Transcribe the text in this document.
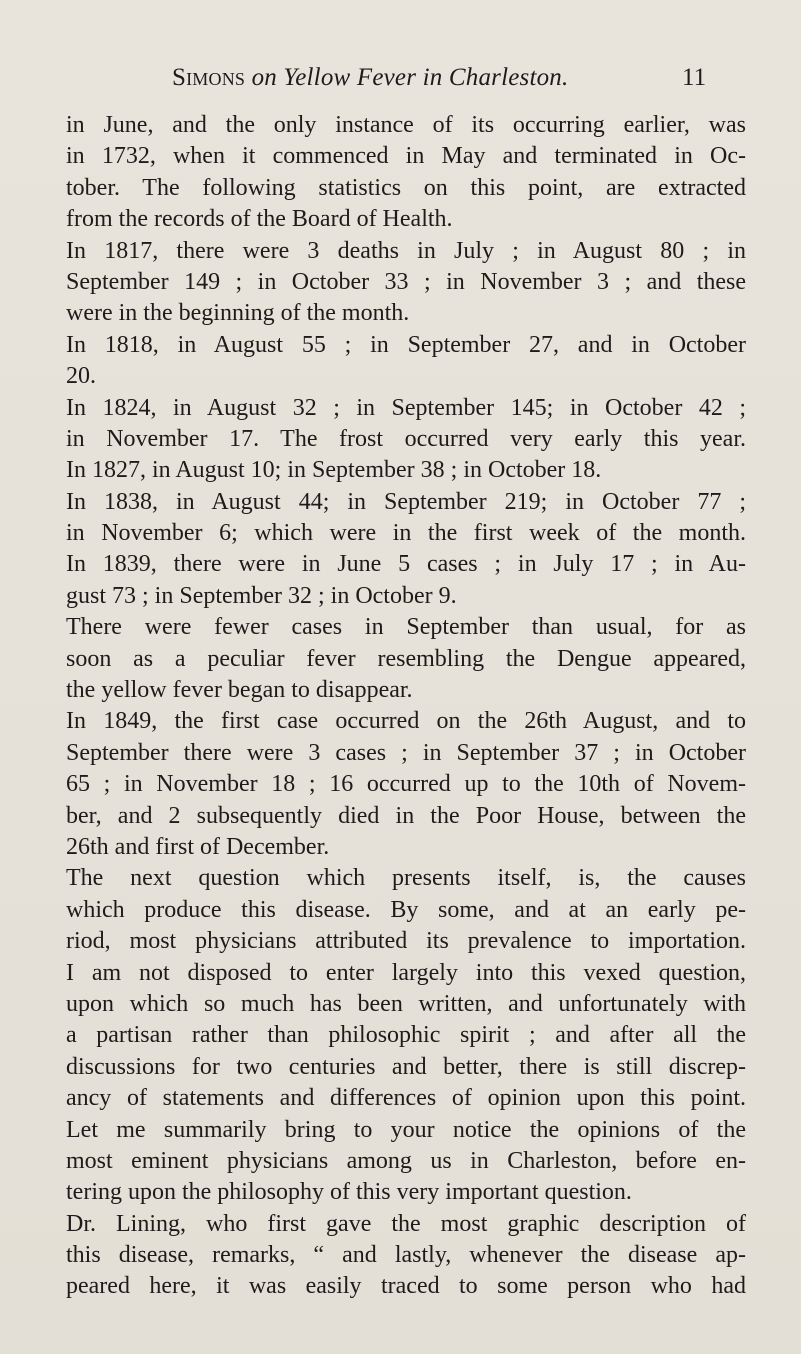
Simons on Yellow Fever in Charleston.	11
in June, and the only instance of its occurring earlier, was
in 1732, when it commenced in May and terminated in Oc-
tober. The following statistics on this point, are extracted
from the records of the Board of Health.
In 1817, there were 3 deaths in July ; in August 80 ; in
September 149 ; in October 33 ; in November 3 ; and these
were in the beginning of the month.
In 1818, in August 55 ; in September 27, and in October
20.
In 1824, in August 32 ; in September 145; in October 42 ;
in November 17. The frost occurred very early this year.
In 1827, in August 10; in September 38 ; in October 18.
In 1838, in August 44; in September 219; in October 77 ;
in November 6; which were in the first week of the month.
In 1839, there were in June 5 cases ; in July 17 ; in Au-
gust 73 ; in September 32 ; in October 9.
There were fewer cases in September than usual, for as
soon as a peculiar fever resembling the Dengue appeared,
the yellow fever began to disappear.
In 1849, the first case occurred on the 26th August, and to
September there were 3 cases ; in September 37 ; in October
65 ; in November 18 ; 16 occurred up to the 10th of Novem-
ber, and 2 subsequently died in the Poor House, between the
26th and first of December.
The next question which presents itself, is, the causes
which produce this disease. By some, and at an early pe-
riod, most physicians attributed its prevalence to importation.
I am not disposed to enter largely into this vexed question,
upon which so much has been written, and unfortunately with
a partisan rather than philosophic spirit ; and after all the
discussions for two centuries and better, there is still discrep-
ancy of statements and differences of opinion upon this point.
Let me summarily bring to your notice the opinions of the
most eminent physicians among us in Charleston, before en-
tering upon the philosophy of this very important question.
Dr. Lining, who first gave the most graphic description of
this disease, remarks, “ and lastly, whenever the disease ap-
peared here, it was easily traced to some person who had
